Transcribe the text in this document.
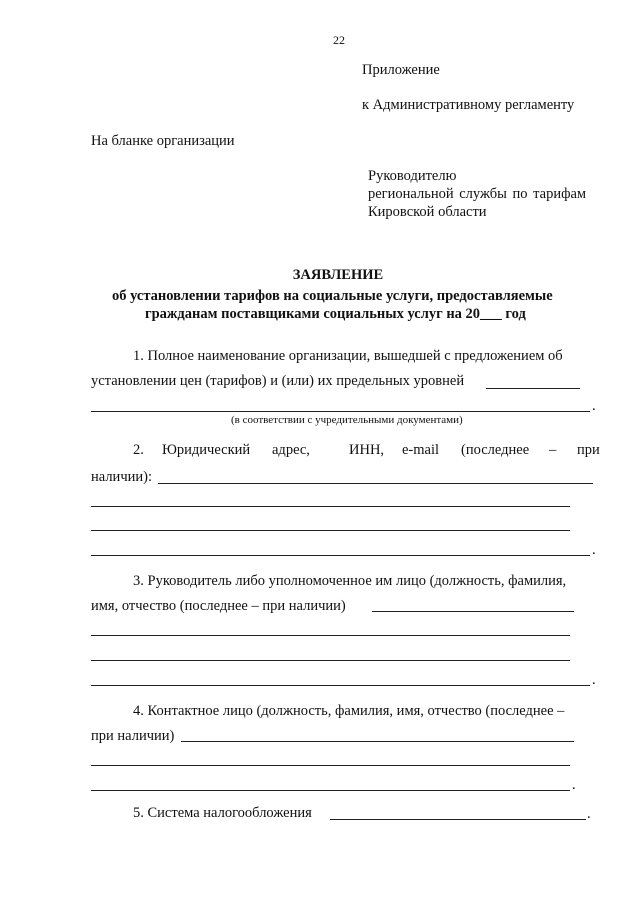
22
Приложение
к Административному регламенту
На бланке организации
Руководителю
региональной службы по тарифам
Кировской области
ЗАЯВЛЕНИЕ
об установлении тарифов на социальные услуги, предоставляемые
гражданам поставщиками социальных услуг на 20___ год
1. Полное наименование организации, вышедшей с предложением об
установлении цен (тарифов) и (или) их предельных уровней
.
(в соответствии с учредительными документами)
2. Юридический адрес,	ИНН, e-mail (последнее – при
наличии):
.
3. Руководитель либо уполномоченное им лицо (должность, фамилия,
имя, отчество (последнее – при наличии)
.
4. Контактное лицо (должность, фамилия, имя, отчество (последнее –
при наличии)
.
5. Система налогообложения	.
